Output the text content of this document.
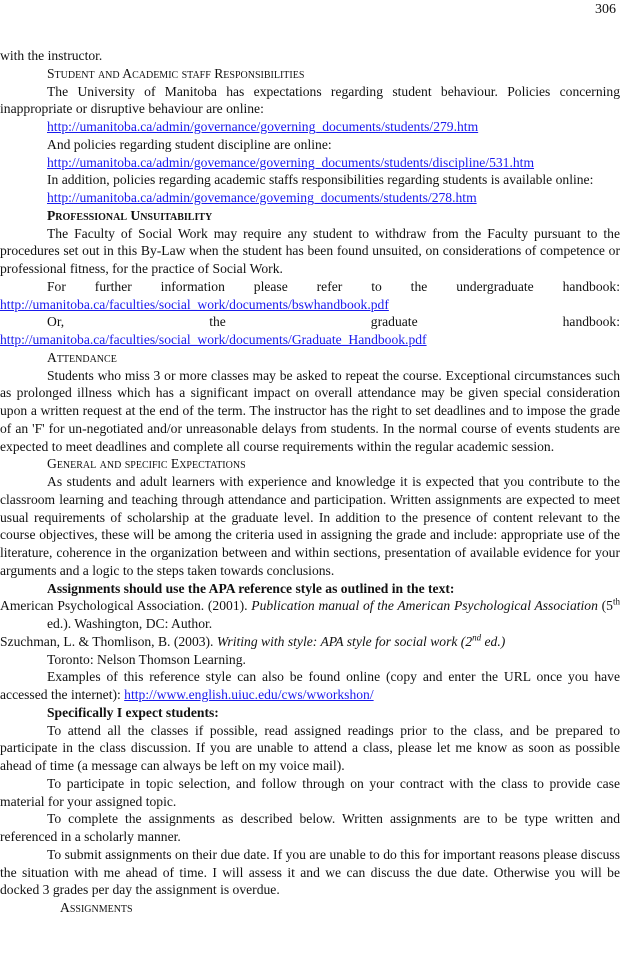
306
with the instructor.
Student and Academic staff Responsibilities
The University of Manitoba has expectations regarding student behaviour. Policies concerning inappropriate or disruptive behaviour are online:
http://umanitoba.ca/admin/governance/governing_documents/students/279.htm
And policies regarding student discipline are online:
http://umanitoba.ca/admin/govemance/governing_documents/students/discipline/531.htm
In addition, policies regarding academic staffs responsibilities regarding students is available online:
http://umanitoba.ca/admin/govemance/goveming_documents/students/278.htm
Professional Unsuitability
The Faculty of Social Work may require any student to withdraw from the Faculty pursuant to the procedures set out in this By-Law when the student has been found unsuited, on considerations of competence or professional fitness, for the practice of Social Work.
For further information please refer to the undergraduate handbook:
http://umanitoba.ca/faculties/social_work/documents/bswhandbook.pdf
Or, the graduate handbook:
http://umanitoba.ca/faculties/social_work/documents/Graduate_Handbook.pdf
Attendance
Students who miss 3 or more classes may be asked to repeat the course. Exceptional circumstances such as prolonged illness which has a significant impact on overall attendance may be given special consideration upon a written request at the end of the term. The instructor has the right to set deadlines and to impose the grade of an 'F' for un-negotiated and/or unreasonable delays from students. In the normal course of events students are expected to meet deadlines and complete all course requirements within the regular academic session.
General and specific Expectations
As students and adult learners with experience and knowledge it is expected that you contribute to the classroom learning and teaching through attendance and participation. Written assignments are expected to meet usual requirements of scholarship at the graduate level. In addition to the presence of content relevant to the course objectives, these will be among the criteria used in assigning the grade and include: appropriate use of the literature, coherence in the organization between and within sections, presentation of available evidence for your arguments and a logic to the steps taken towards conclusions.
Assignments should use the APA reference style as outlined in the text:
American Psychological Association. (2001). Publication manual of the American Psychological Association (5th ed.). Washington, DC: Author.
Szuchman, L. & Thomlison, B. (2003). Writing with style: APA style for social work (2nd ed.)
Toronto: Nelson Thomson Learning.
Examples of this reference style can also be found online (copy and enter the URL once you have accessed the internet): http://www.english.uiuc.edu/cws/wworkshon/
Specifically I expect students:
To attend all the classes if possible, read assigned readings prior to the class, and be prepared to participate in the class discussion. If you are unable to attend a class, please let me know as soon as possible ahead of time (a message can always be left on my voice mail).
To participate in topic selection, and follow through on your contract with the class to provide case material for your assigned topic.
To complete the assignments as described below. Written assignments are to be type written and referenced in a scholarly manner.
To submit assignments on their due date. If you are unable to do this for important reasons please discuss the situation with me ahead of time. I will assess it and we can discuss the due date. Otherwise you will be docked 3 grades per day the assignment is overdue.
Assignments
